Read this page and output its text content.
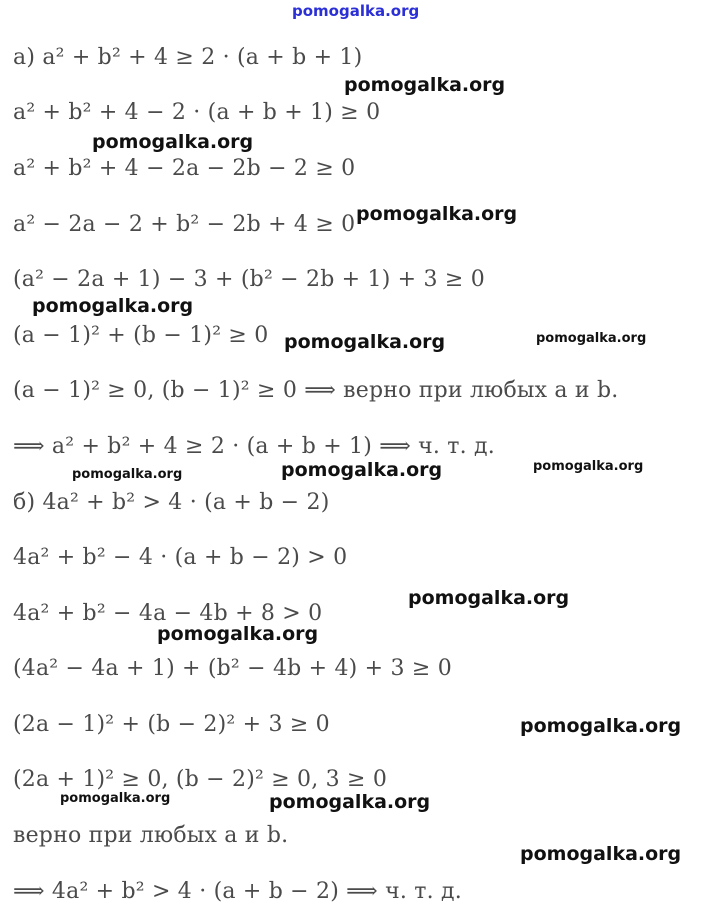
pomogalka.org
а) a² + b² + 4 ≥ 2 · (a + b + 1)
a² + b² + 4 − 2 · (a + b + 1) ≥ 0
a² + b² + 4 − 2a − 2b − 2 ≥ 0
a² − 2a − 2 + b² − 2b + 4 ≥ 0
(a² − 2a + 1) − 3 + (b² − 2b + 1) + 3 ≥ 0
(a − 1)² + (b − 1)² ≥ 0
(a − 1)² ≥ 0, (b − 1)² ≥ 0 ⟹ верно при любых a и b.
⟹ a² + b² + 4 ≥ 2 · (a + b + 1) ⟹ ч. т. д.
б) 4a² + b² > 4 · (a + b − 2)
4a² + b² − 4 · (a + b − 2) > 0
4a² + b² − 4a − 4b + 8 > 0
(4a² − 4a + 1) + (b² − 4b + 4) + 3 ≥ 0
(2a − 1)² + (b − 2)² + 3 ≥ 0
(2a + 1)² ≥ 0, (b − 2)² ≥ 0, 3 ≥ 0
верно при любых a и b.
⟹ 4a² + b² > 4 · (a + b − 2) ⟹ ч. т. д.
pomogalka.org
pomogalka.org
pomogalka.org
pomogalka.org
pomogalka.org	pomogalka.org
pomogalka.org	pomogalka.org	pomogalka.org
pomogalka.org
pomogalka.org
pomogalka.org
pomogalka.org	pomogalka.org
pomogalka.org
